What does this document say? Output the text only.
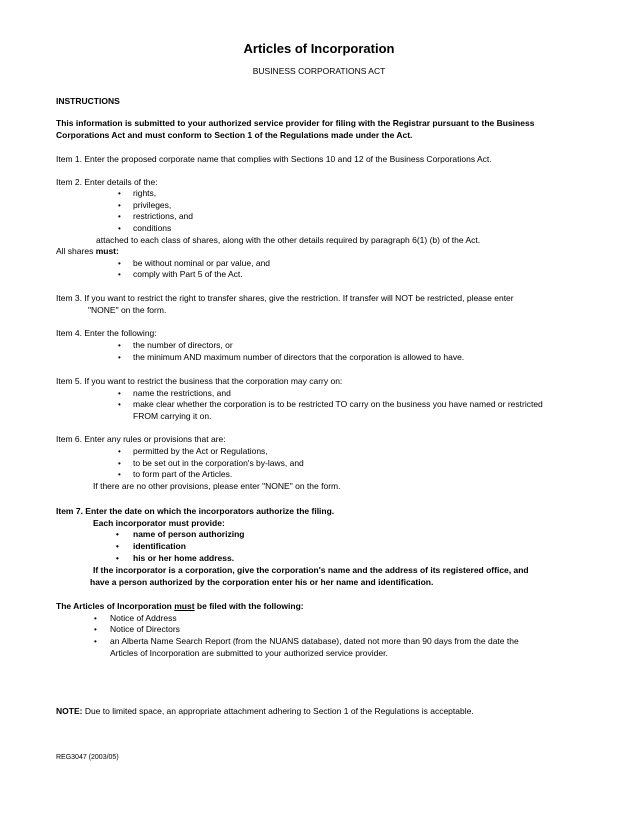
Articles of Incorporation
BUSINESS CORPORATIONS ACT
INSTRUCTIONS
This information is submitted to your authorized service provider for filing with the Registrar pursuant to the Business
Corporations Act and must conform to Section 1 of the Regulations made under the Act.
Item 1. Enter the proposed corporate name that complies with Sections 10 and 12 of the Business Corporations Act.
Item 2. Enter details of the:
• rights,
• privileges,
• restrictions, and
• conditions
attached to each class of shares, along with the other details required by paragraph 6(1) (b) of the Act.
All shares must:
• be without nominal or par value, and
• comply with Part 5 of the Act.
Item 3. If you want to restrict the right to transfer shares, give the restriction. If transfer will NOT be restricted, please enter
"NONE" on the form.
Item 4. Enter the following:
• the number of directors, or
• the minimum AND maximum number of directors that the corporation is allowed to have.
Item 5. If you want to restrict the business that the corporation may carry on:
• name the restrictions, and
• make clear whether the corporation is to be restricted TO carry on the business you have named or restricted
FROM carrying it on.
Item 6. Enter any rules or provisions that are:
• permitted by the Act or Regulations,
• to be set out in the corporation's by-laws, and
• to form part of the Articles.
If there are no other provisions, please enter "NONE" on the form.
Item 7. Enter the date on which the incorporators authorize the filing.
Each incorporator must provide:
• name of person authorizing
• identification
• his or her home address.
If the incorporator is a corporation, give the corporation's name and the address of its registered office, and
have a person authorized by the corporation enter his or her name and identification.
The Articles of Incorporation must be filed with the following:
• Notice of Address
• Notice of Directors
• an Alberta Name Search Report (from the NUANS database), dated not more than 90 days from the date the
Articles of Incorporation are submitted to your authorized service provider.
NOTE: Due to limited space, an appropriate attachment adhering to Section 1 of the Regulations is acceptable.
REG3047 (2003/05)
